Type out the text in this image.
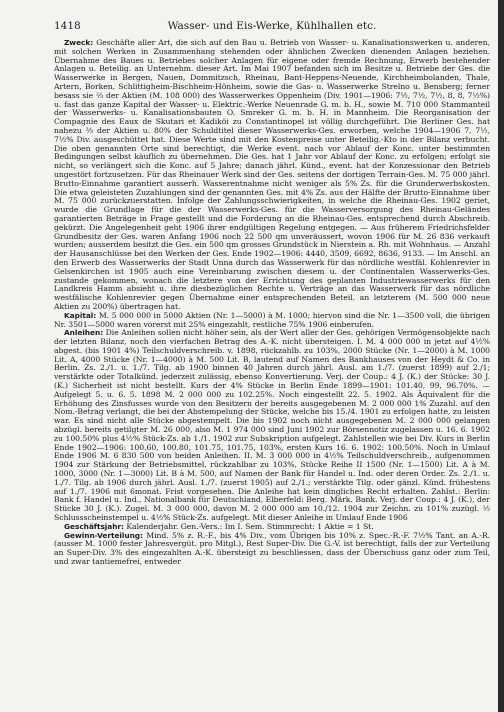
1418	Wasser- und Eis-Werke, Kühlhallen etc.

Zweck: Geschäfte aller Art, die sich auf den Bau u. Betrieb von Wasser- u. Kanalisationswerken u. anderen, mit solchen Werken in Zusammenhang stehenden oder ähnlichen Zwecken dienenden Anlagen beziehen. Übernahme des Baues u. Betriebes solcher Anlagen für eigene oder fremde Rechnung, Erwerb bestehender Anlagen u. Beteilig. an Unternehm. dieser Art. Im Mai 1907 befanden sich im Besitze u. Betriebe der Ges. die Wasserwerke in Bergen, Nauen, Dommitzsch, Rheinau, Bant-Heppens-Neuende, Kirchheimbolanden, Thale, Artern, Borken, Schlittigheim-Bischheim-Hönheim, sowie die Gas- u. Wasserwerke Strelno u. Bensberg; ferner besass sie ⅔ der Aktien (M. 108 000) des Wasserwerkes Oppenheim (Div. 1901—1906: 7½, 7½, 7½, 8, 8, 7½%) u. fast das ganze Kapital der Wasser- u. Elektric.-Werke Neuenrade G. m. b. H., sowie M. 710 000 Stammanteil der Wasserwerks- u. Kanalisationsbauten O. Smreker G. m. b. H. in Mannheim. Die Reorganisation der Compagnie des Eaux de Skutari et Kadiköi zu Constantinopel ist völlig durchgeführt. Die Berliner Ges. hat nahezu ⅔ der Aktien u. 80% der Schuldtitel dieser Wasserwerks-Ges. erworben, welche 1904—1906 7, 7½, 7½% Div. ausgeschüttet hat. Diese Werte sind mit den Kostenpreise unter Beteilig.-Kto in der Bilanz verbucht. Die oben genannten Orte sind berechtigt, die Werke event. nach vor Ablauf der Konc. unter bestimmten Bedingungen selbst käuflich zu übernehmen. Die Ges. hat 1 Jahr vor Ablauf der Konc. zu erfolgen; erfolgt sie nicht, so verlängert sich die Konc. auf 5 Jahre; danach jährl. Künd., event. hat der Konzessionar den Betrieb ungestört fortzusetzen. Für das Rheinauer Werk sind der Ges. seitens der dortigen Terrain-Ges. M. 75 000 jährl. Brutto-Einnahme garantiert ausserh. Wasserentnahme nicht weniger als 5% Zs. für die Grunderwerbskosten. Die etwa geleisteten Zuzahlungen sind der genannten Ges. mit 4% Zs. aus der Hälfte der Brutto-Einnahme über M. 75 000 zurückzuerstatten. Infolge der Zahlungsschwierigkeiten, in welche die Rheinau-Ges. 1902 geriet, wurde die Grundlage für die der Wasserwerks-Ges. für die Wasserversorgung des Rheinau-Geländes garantierten Beträge in Frage gestellt und die Forderung an die Rheinau-Ges. entsprechend durch Abschreib. gekürzt. Die Angelegenheit geht 1906 ihrer endgültigen Regelung entgegen. — Aus früherem Friedrichsfelder Grundbesitz der Ges. waren Anfang 1906 noch 22 500 qm unveräussert, wovon 1906 für M. 26 836 verkauft wurden; ausserdem besitzt die Ges. ein 500 qm grosses Grundstück in Nierstein a. Rh. mit Wohnhaus. — Anzahl der Hausanschlüsse bei den Werken der Ges. Ende 1902—1906: 4440, 3509, 6692, 8636, 9133. — Im Anschl. an den Erwerb des Wasserwerks der Stadt Unna durch das Wasserwerk für das nördliche westfäl. Kohlenrevier in Gelsenkirchen ist 1905 auch eine Vereinbarung zwischen diesem u. der Continentalen Wasserwerks-Ges. zustande gekommen, wonach die letztere von der Errichtung des geplanten Industriewasserwerks für den Landkreis Hamm absieht u. ihre diesbezüglichen Rechte u. Verträge an das Wasserwerk für das nördliche westfälische Kohlenrevier gegen Übernahme einer entsprechenden Beteil. an letzterem (M. 500 000 neue Aktien zu 200%) übertragen hat.

Kapital: M. 5 000 000 in 5000 Aktien (Nr. 1—5000) à M. 1000; hiervon sind die Nr. 1—3500 voll, die übrigen Nr. 3501—5000 waren vorerst mit 25% eingezahlt, restliche 75% 1906 einberufen.

Anleihen: Die Anleihen sollen nicht höher sein, als der Wert aller der Ges. gehörigen Vermögensobjekte nach der letzten Bilanz, noch den vierfachen Betrag des A.-K. nicht übersteigen. I. M. 4 000 000 in jetzt auf 4½% abgest. (bis 1901 4%) Teilschuldverschreib. v. 1898, rückzahlb. zu 103%, 2000 Stücke (Nr. 1—2000) à M. 1000 Lit. A, 4000 Stücke (Nr. 1—4000) à M. 500 Lit. B, lautend auf Namen des Bankhauses von der Heydt & Co. in Berlin. Zs. 2./1. u. 1./7. Tilg. ab 1900 binnen 40 Jahren durch jährl. Ausl. am 1./7. (zuerst 1899) auf 2./1; verstärkte oder Totalkünd. jederzeit zulässig, ebenso Konvertierung. Verj. der Coup.: 4 J. (K.) der Stücke: 30 J. (K.) Sicherheit ist nicht bestellt. Kurs der 4% Stücke in Berlin Ende 1899—1901: 101.40, 99, 96.70%. — Aufgelegt 5. u. 6. 5. 1898 M. 2 000 000 zu 102.25%. Noch eingestellt 22. 5. 1902. Als Äquivalent für die Erhöhung des Zinsfusses wurde von den Besitzern der bereits ausgegebenen M. 2 000 000 1% Zuzahl. auf den Nom.-Betrag verlangt, die bei der Abstempelung der Stücke, welche bis 15./4. 1901 zu erfolgen hatte, zu leisten war. Es sind nicht alle Stücke abgestempelt. Die bis 1902 noch nicht ausgegebenen M. 2 000 000 gelangen abzügl. bereits getilgter M. 26 000, also M. 1 974 000 sind Juni 1902 zur Börsennotiz zugelassen u. 16. 6. 1902 zu 100.50% plus 4½% Stück-Zs. ab 1./1. 1902 zur Subskription aufgelegt. Zahlstellen wie bei Div. Kurs in Berlin Ende 1902—1906: 100.60, 100.80, 101.75, 101.75, 103%, ersten Kurs 16. 6. 1902: 100.50%. Noch in Umlauf Ende 1906 M. 6 830 500 von beiden Anleihen. II. M. 3 000 000 in 4½% Teilschuldverschreib., aufgenommen 1904 zur Stärkung der Betriebsmittel, rückzahlbar zu 103%, Stücke Reihe II 1500 (Nr. 1—1500) Lit. A à M. 1000, 3000 (Nr. 1—3000) Lit. B à M. 500, auf Namen der Bank für Handel u. Ind. oder deren Order. Zs. 2./1. u. 1./7. Tilg. ab 1906 durch jährl. Ausl. 1./7. (zuerst 1905) auf 2./1.; verstärkte Tilg. oder gänzl. Künd. frühestens auf 1./7. 1906 mit 6monat. Frist vorgesehen. Die Anleihe hat kein dingliches Recht erhalten. Zahlst.: Berlin: Bank f. Handel u. Ind., Nationalbank für Deutschland, Elberfeld: Berg. Märk. Bank. Verj. der Coup.: 4 J. (K.), der Stücke 30 J. (K.). Zugel. M. 3 000 000, davon M. 2 000 000 am 10./12. 1904 zur Zeichn. zu 101% zuzügl. ½ Schlussscheinstempel u. 4½% Stück-Zs. aufgelegt. Mit dieser Anleihe in Umlauf Ende 1906

Geschäftsjahr: Kalenderjahr. Gen.-Vers.: Im I. Sem. Stimmrecht: 1 Aktie = 1 St.

Gewinn-Verteilung: Mind. 5% z. R.-F., bis 4% Div., vom Übrigen bis 10% z. Spec.-R.-F. 7½% Tant. an A.-R. (ausser M. 1000 fester Jahresvergüt. pro Mitgl.), Rest Super-Div. Die G.-V. ist berechtigt, falls der zur Verteilung an Super-Div. 3% des eingezahlten A.-K. übersteigt zu beschliessen, dass der Überschuss ganz oder zum Teil, und zwar tantiemefrei, entweder
